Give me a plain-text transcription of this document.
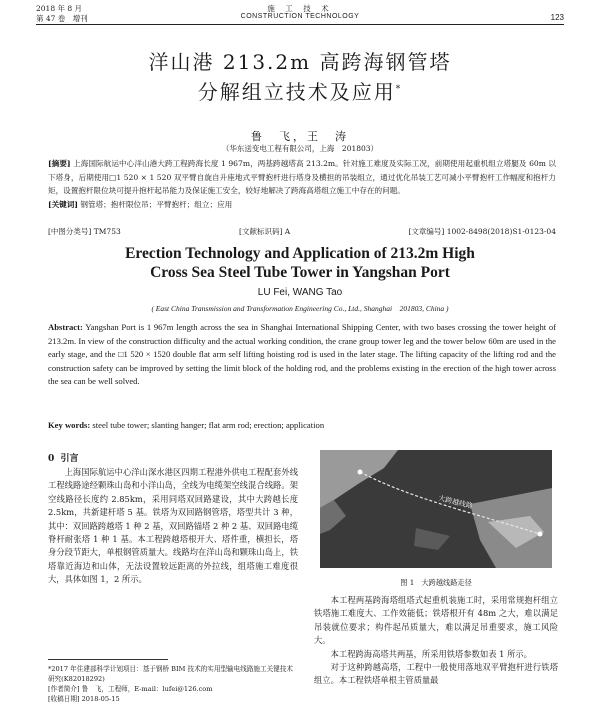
2018 年 8 月
第 47 卷　增刊
施 工 技 术
CONSTRUCTION TECHNOLOGY	123
洋山港 213.2m 高跨海钢管塔
分解组立技术及应用*
鲁　飞，王　涛
（华东送变电工程有限公司，上海　201803）
[摘要] 上海国际航运中心洋山港大跨工程跨海长度 1 967m，两基跨越塔高 213.2m。针对施工难度及实际工况，前期使用起重机组立塔腿及 60m 以下塔身，后期使用□1 520 × 1 520 双平臂自旋自升座地式平臂抱杆进行塔身及横担的吊装组立，通过优化吊装工艺可减小平臂抱杆工作幅度和抱杆力矩，设置抱杆限位块可提升抱杆起吊能力及保证施工安全，较好地解决了跨海高塔组立施工中存在的问题。
[关键词] 钢管塔；抱杆限位吊；平臂抱杆；组立；应用
[中图分类号] TM753	[文献标识码] A	[文章编号] 1002-8498(2018)S1-0123-04
Erection Technology and Application of 213.2m High
Cross Sea Steel Tube Tower in Yangshan Port
LU Fei, WANG Tao
( East China Transmission and Transformation Engineering Co., Ltd., Shanghai　201803, China )
Abstract: Yangshan Port is 1 967m length across the sea in Shanghai International Shipping Center, with two bases crossing the tower height of 213.2m. In view of the construction difficulty and the actual working condition, the crane group tower leg and the tower below 60m are used in the early stage, and the □1 520 × 1520 double flat arm self lifting hoisting rod is used in the later stage. The lifting capacity of the lifting rod and the construction safety can be improved by setting the limit block of the holding rod, and the problems existing in the erection of the high tower across the sea can be well solved.
Key words: steel tube tower; slanting hanger; flat arm rod; erection; application
0 引言
上海国际航运中心洋山深水港区四期工程港外供电工程配套外线工程线路途经颗珠山岛和小洋山岛，全线为电缆架空线混合线路。架空线路径长度约 2.85km，采用同塔双回路建设，其中大跨越长度 2.5km，共新建杆塔 5 基。铁塔为双回路钢管塔，塔型共计 3 种，其中：双回路跨越塔 1 种 2 基，双回路锚塔 2 种 2 基、双回路电缆脊杆耐张塔 1 种 1 基。本工程跨越塔根开大、塔件重，横担长，塔身分段节距大，单根钢管质量大。线路均在洋山岛和颗珠山岛上，铁塔靠近海边和山体，无法设置较远距离的外拉线，组塔施工难度很大，具体如图 1，2 所示。
大跨越线路
图 1　大跨越线路走径

本工程两基跨海塔组塔式起重机装施工时，采用常规抱杆组立铁塔施工难度大、工作效能低；铁塔根开有 48m 之大，难以满足吊装就位要求；构件起吊质量大，难以满足吊重要求，施工风险大。

本工程跨海高塔共两基，所采用铁塔参数如表 1 所示。

对于这种跨越高塔，工程中一般使用落地双平臂抱杆进行铁塔组立。本工程铁塔单根主管质量最

*2017 年住建部科学计划项目：基于钢桥 BIM 技术的实用型输电线路施工关键技术研究(K82018292)
[作者简介] 鲁　飞，工程师，E-mail：lufei@126.com
[收稿日期] 2018-05-15
